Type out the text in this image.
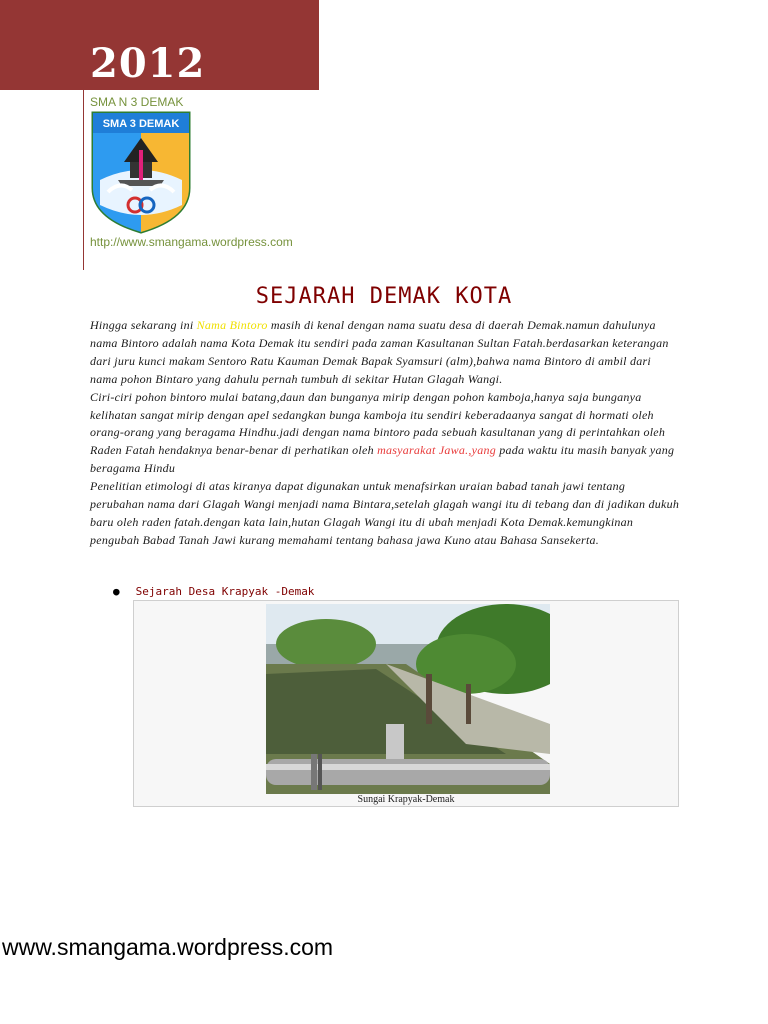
2012
SMA N 3 DEMAK
SMA 3 DEMAK
http://www.smangama.wordpress.com
SEJARAH DEMAK KOTA

Hingga sekarang ini Nama Bintoro masih di kenal dengan nama suatu desa di daerah Demak.namun dahulunya nama Bintoro adalah nama Kota Demak itu sendiri pada zaman Kasultanan Sultan Fatah.berdasarkan keterangan dari juru kunci makam Sentoro Ratu Kauman Demak Bapak Syamsuri (alm),bahwa nama Bintoro di ambil dari nama pohon Bintaro yang dahulu pernah tumbuh di sekitar Hutan Glagah Wangi.

Ciri-ciri pohon bintoro mulai batang,daun dan bunganya mirip dengan pohon kamboja,hanya saja bunganya kelihatan sangat mirip dengan apel sedangkan bunga kamboja itu sendiri keberadaanya sangat di hormati oleh orang-orang yang beragama Hindhu.jadi dengan nama bintoro pada sebuah kasultanan yang di perintahkan oleh Raden Fatah hendaknya benar-benar di perhatikan oleh masyarakat Jawa.,yang pada waktu itu masih banyak yang beragama Hindu

Penelitian etimologi di atas kiranya dapat digunakan untuk menafsirkan uraian babad tanah jawi tentang perubahan nama dari Glagah Wangi menjadi nama Bintara,setelah glagah wangi itu di tebang dan di jadikan dukuh baru oleh raden fatah.dengan kata lain,hutan Glagah Wangi itu di ubah menjadi Kota Demak.kemungkinan pengubah Babad Tanah Jawi kurang memahami tentang bahasa jawa Kuno atau Bahasa Sansekerta.

● Sejarah Desa Krapyak -Demak
Sungai Krapyak-Demak
www.smangama.wordpress.com
